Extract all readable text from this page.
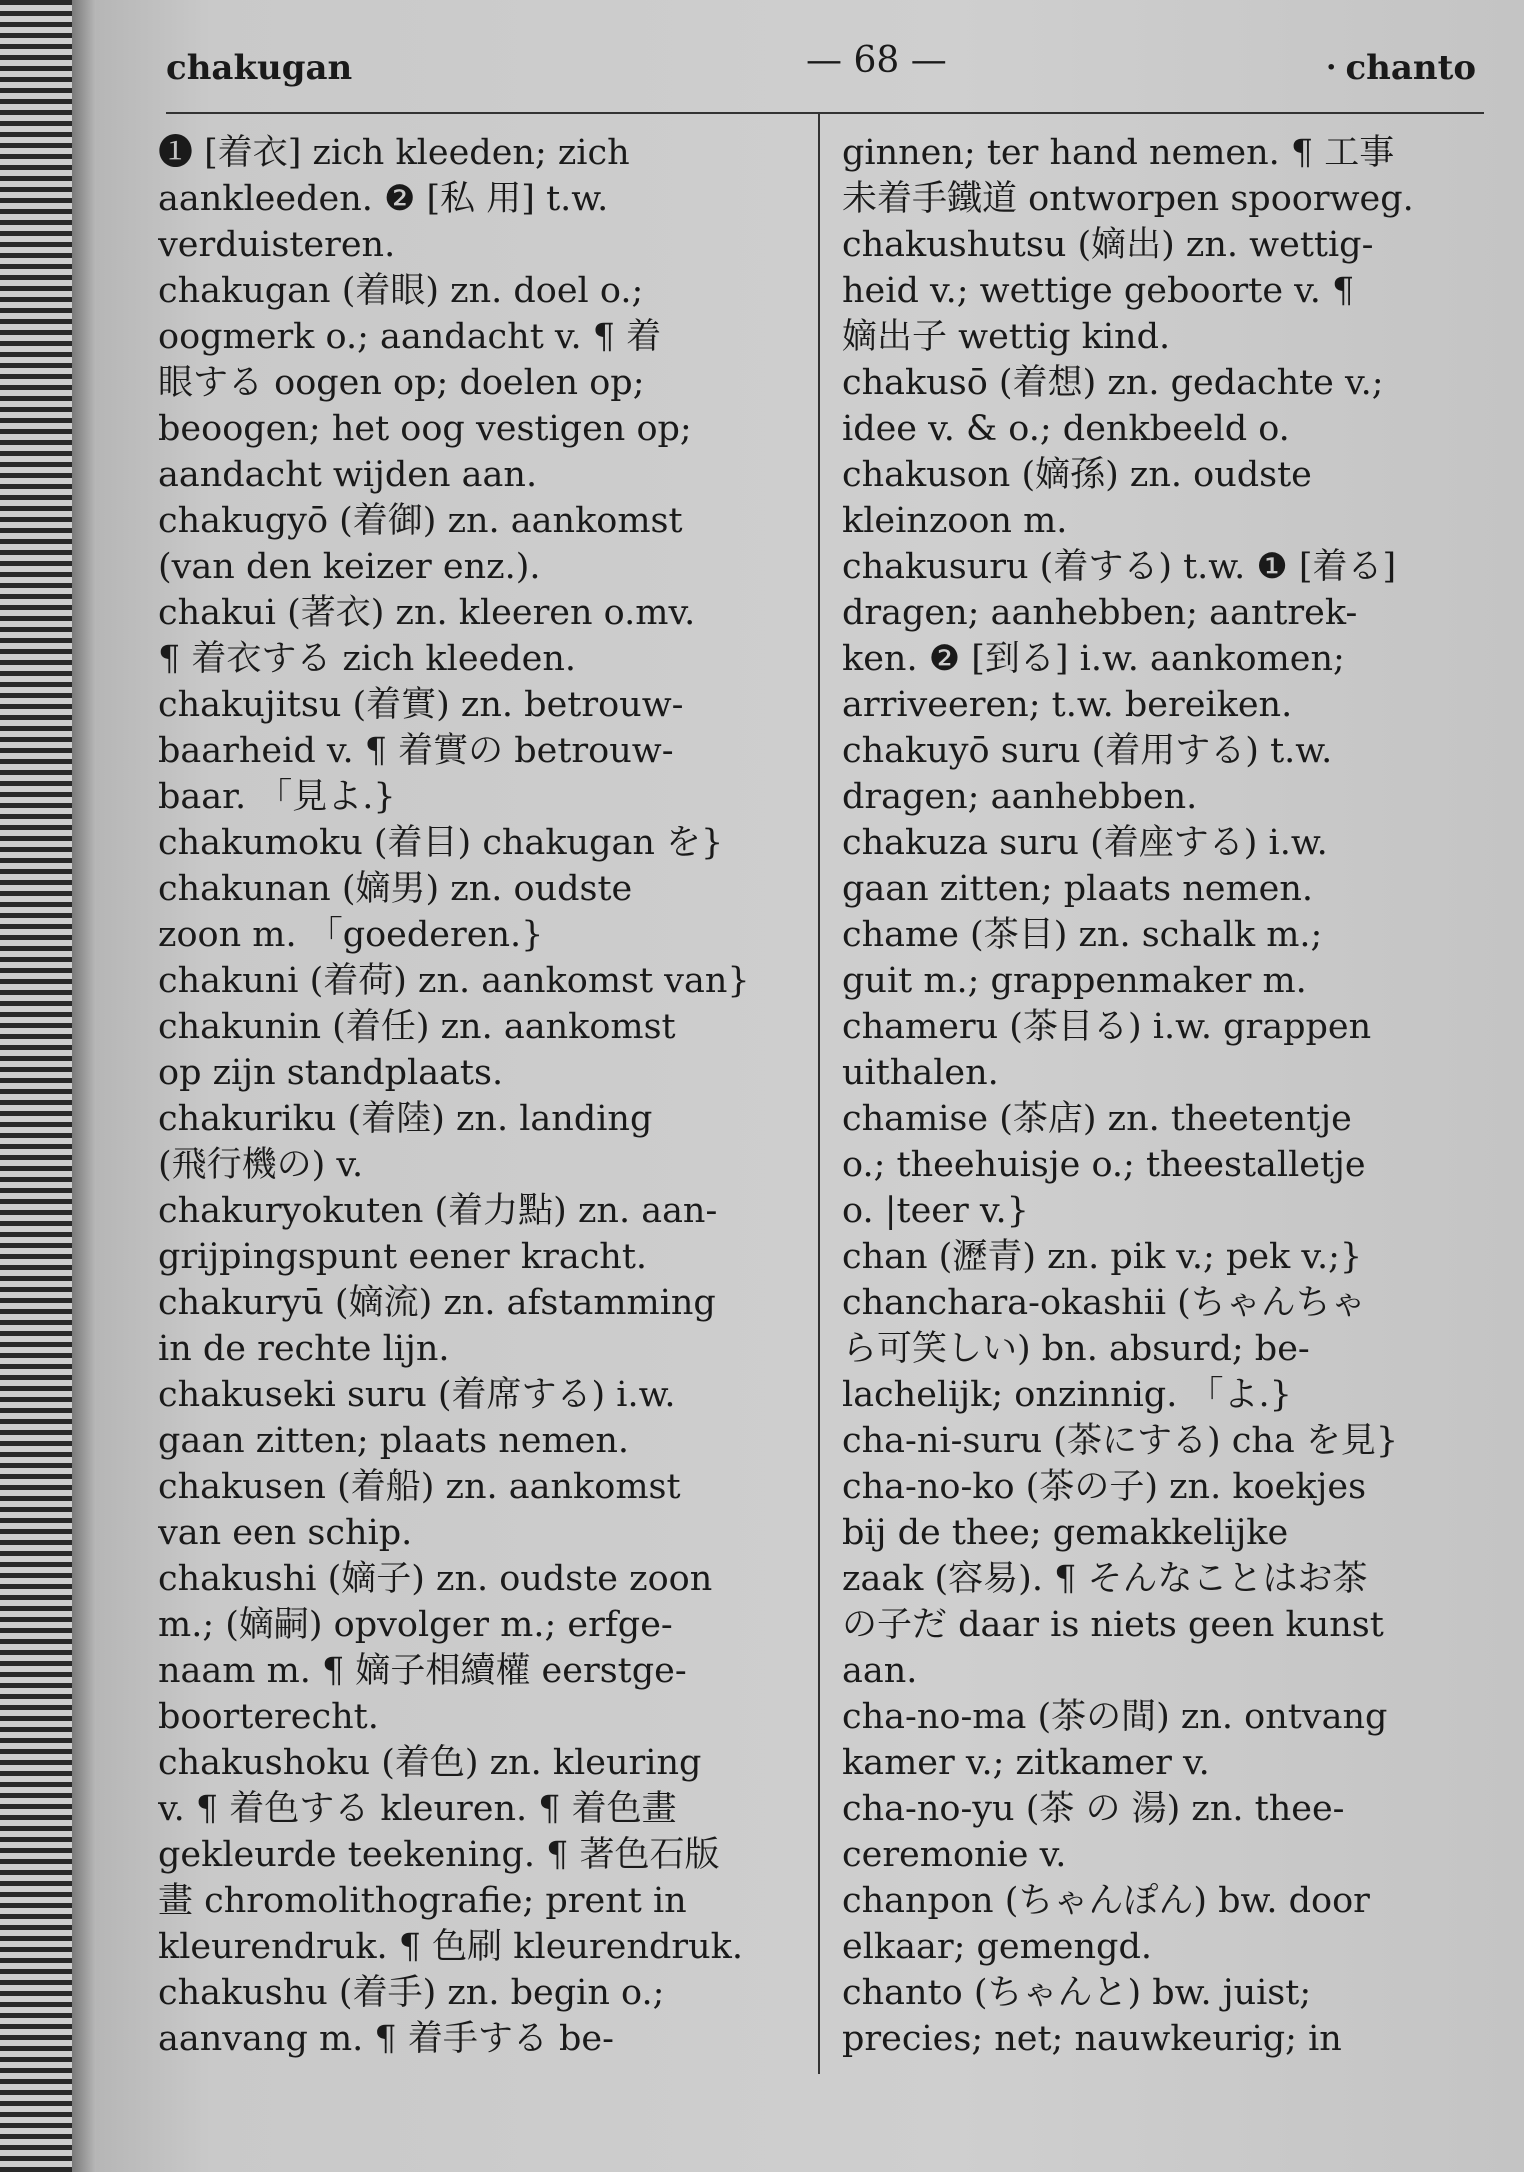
chakugan	— 68 —	· chanto
❶ [着衣] zich kleeden; zich
aankleeden. ❷ [私 用] t.w.
verduisteren.
chakugan (着眼) zn. doel o.;
oogmerk o.; aandacht v. ¶ 着
眼する oogen op; doelen op;
beoogen; het oog vestigen op;
aandacht wijden aan.
chakugyō (着御) zn. aankomst
(van den keizer enz.).
chakui (著衣) zn. kleeren o.mv.
¶ 着衣する zich kleeden.
chakujitsu (着實) zn. betrouw-
baarheid v. ¶ 着實の betrouw-
baar. 「見よ.}
chakumoku (着目) chakugan を}
chakunan (嫡男) zn. oudste
zoon m. 「goederen.}
chakuni (着荷) zn. aankomst van}
chakunin (着任) zn. aankomst
op zijn standplaats.
chakuriku (着陸) zn. landing
(飛行機の) v.
chakuryokuten (着力點) zn. aan-
grijpingspunt eener kracht.
chakuryū (嫡流) zn. afstamming
in de rechte lijn.
chakuseki suru (着席する) i.w.
gaan zitten; plaats nemen.
chakusen (着船) zn. aankomst
van een schip.
chakushi (嫡子) zn. oudste zoon
m.; (嫡嗣) opvolger m.; erfge-
naam m. ¶ 嫡子相續權 eerstge-
boorterecht.
chakushoku (着色) zn. kleuring
v. ¶ 着色する kleuren. ¶ 着色畫
gekleurde teekening. ¶ 著色石版
畫 chromolithografie; prent in
kleurendruk. ¶ 色刷 kleurendruk.
chakushu (着手) zn. begin o.;
aanvang m. ¶ 着手する be-
ginnen; ter hand nemen. ¶ 工事
未着手鐵道 ontworpen spoorweg.
chakushutsu (嫡出) zn. wettig-
heid v.; wettige geboorte v. ¶
嫡出子 wettig kind.
chakusō (着想) zn. gedachte v.;
idee v. & o.; denkbeeld o.
chakuson (嫡孫) zn. oudste
kleinzoon m.
chakusuru (着する) t.w. ❶ [着る]
dragen; aanhebben; aantrek-
ken. ❷ [到る] i.w. aankomen;
arriveeren; t.w. bereiken.
chakuyō suru (着用する) t.w.
dragen; aanhebben.
chakuza suru (着座する) i.w.
gaan zitten; plaats nemen.
chame (茶目) zn. schalk m.;
guit m.; grappenmaker m.
chameru (茶目る) i.w. grappen
uithalen.
chamise (茶店) zn. theetentje
o.; theehuisje o.; theestalletje
o. |teer v.}
chan (瀝青) zn. pik v.; pek v.;}
chanchara-okashii (ちゃんちゃ
ら可笑しい) bn. absurd; be-
lachelijk; onzinnig. 「よ.}
cha-ni-suru (茶にする) cha を見}
cha-no-ko (茶の子) zn. koekjes
bij de thee; gemakkelijke
zaak (容易). ¶ そんなことはお茶
の子だ daar is niets geen kunst
aan.
cha-no-ma (茶の間) zn. ontvang
kamer v.; zitkamer v.
cha-no-yu (茶 の 湯) zn. thee-
ceremonie v.
chanpon (ちゃんぽん) bw. door
elkaar; gemengd.
chanto (ちゃんと) bw. juist;
precies; net; nauwkeurig; in
